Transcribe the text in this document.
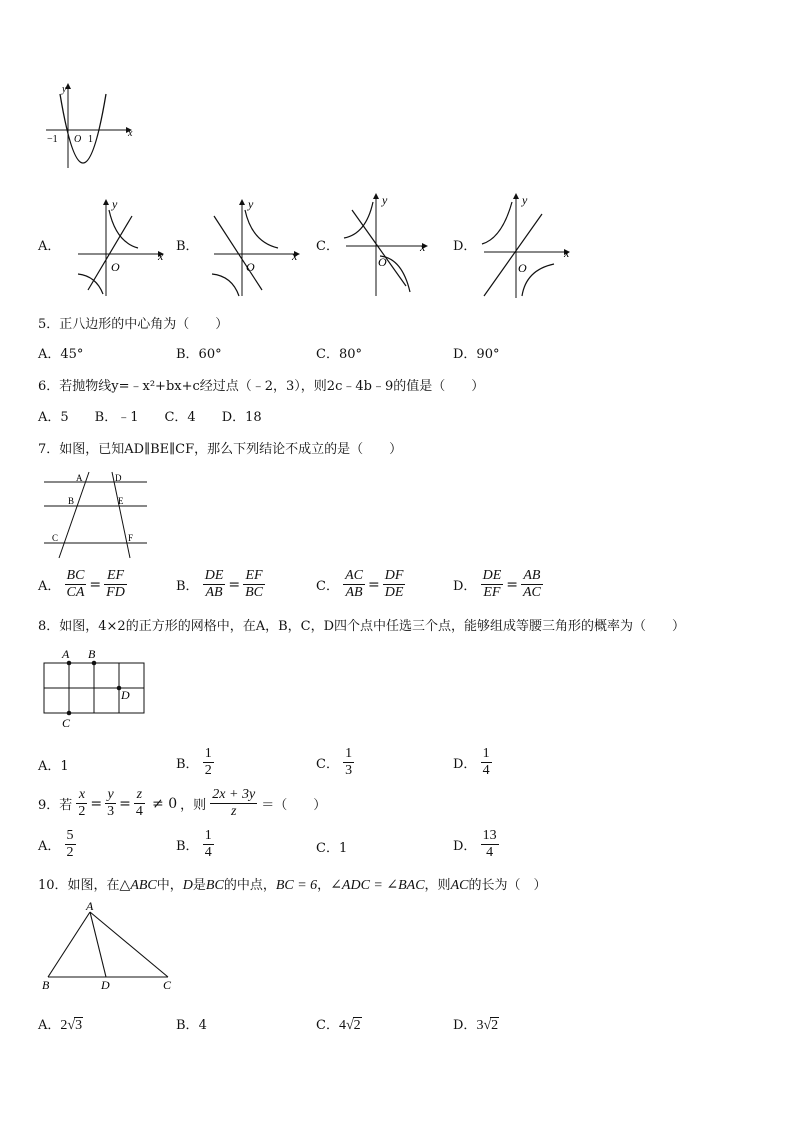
y
x
−1 O 1
A．
y
x
O
B．
y
x
O
C．
y
x
O
D．
y
x
O
5．正八边形的中心角为（　　）
A．45°	B．60°	C．80°	D．90°
6．若抛物线y=﹣x²+bx+c经过点（﹣2，3），则2c﹣4b﹣9的值是（　　）
A．5　　B．﹣1　　C．4　　D．18
7．如图，已知AD∥BE∥CF，那么下列结论不成立的是（　　）
A	D
B	E
C	F
A． $\frac{BC}{CA} = \frac{EF}{FD}$	B． $\frac{DE}{AB} = \frac{EF}{BC}$	C． $\frac{AC}{AB} = \frac{DF}{DE}$	D． $\frac{DE}{EF} = \frac{AB}{AC}$
8．如图，4×2的正方形的网格中，在A，B，C，D四个点中任选三个点，能够组成等腰三角形的概率为（　　）
A B
C
D
A．1	B． $\frac{1}{2}$	C． $\frac{1}{3}$	D． $\frac{1}{4}$
9．若 $\frac{x}{2} = \frac{y}{3} = \frac{z}{4} \ne 0$ ，则 $\frac{2x + 3y}{z}$ ＝（　　）
A． $\frac{5}{2}$	B． $\frac{1}{4}$	C．1	D． $\frac{13}{4}$
10．如图，在△ABC中，D是BC的中点，BC = 6，∠ADC = ∠BAC，则AC的长为（　）
A
B	D	C
A．2√3	B．4	C．4√2	D．3√2
